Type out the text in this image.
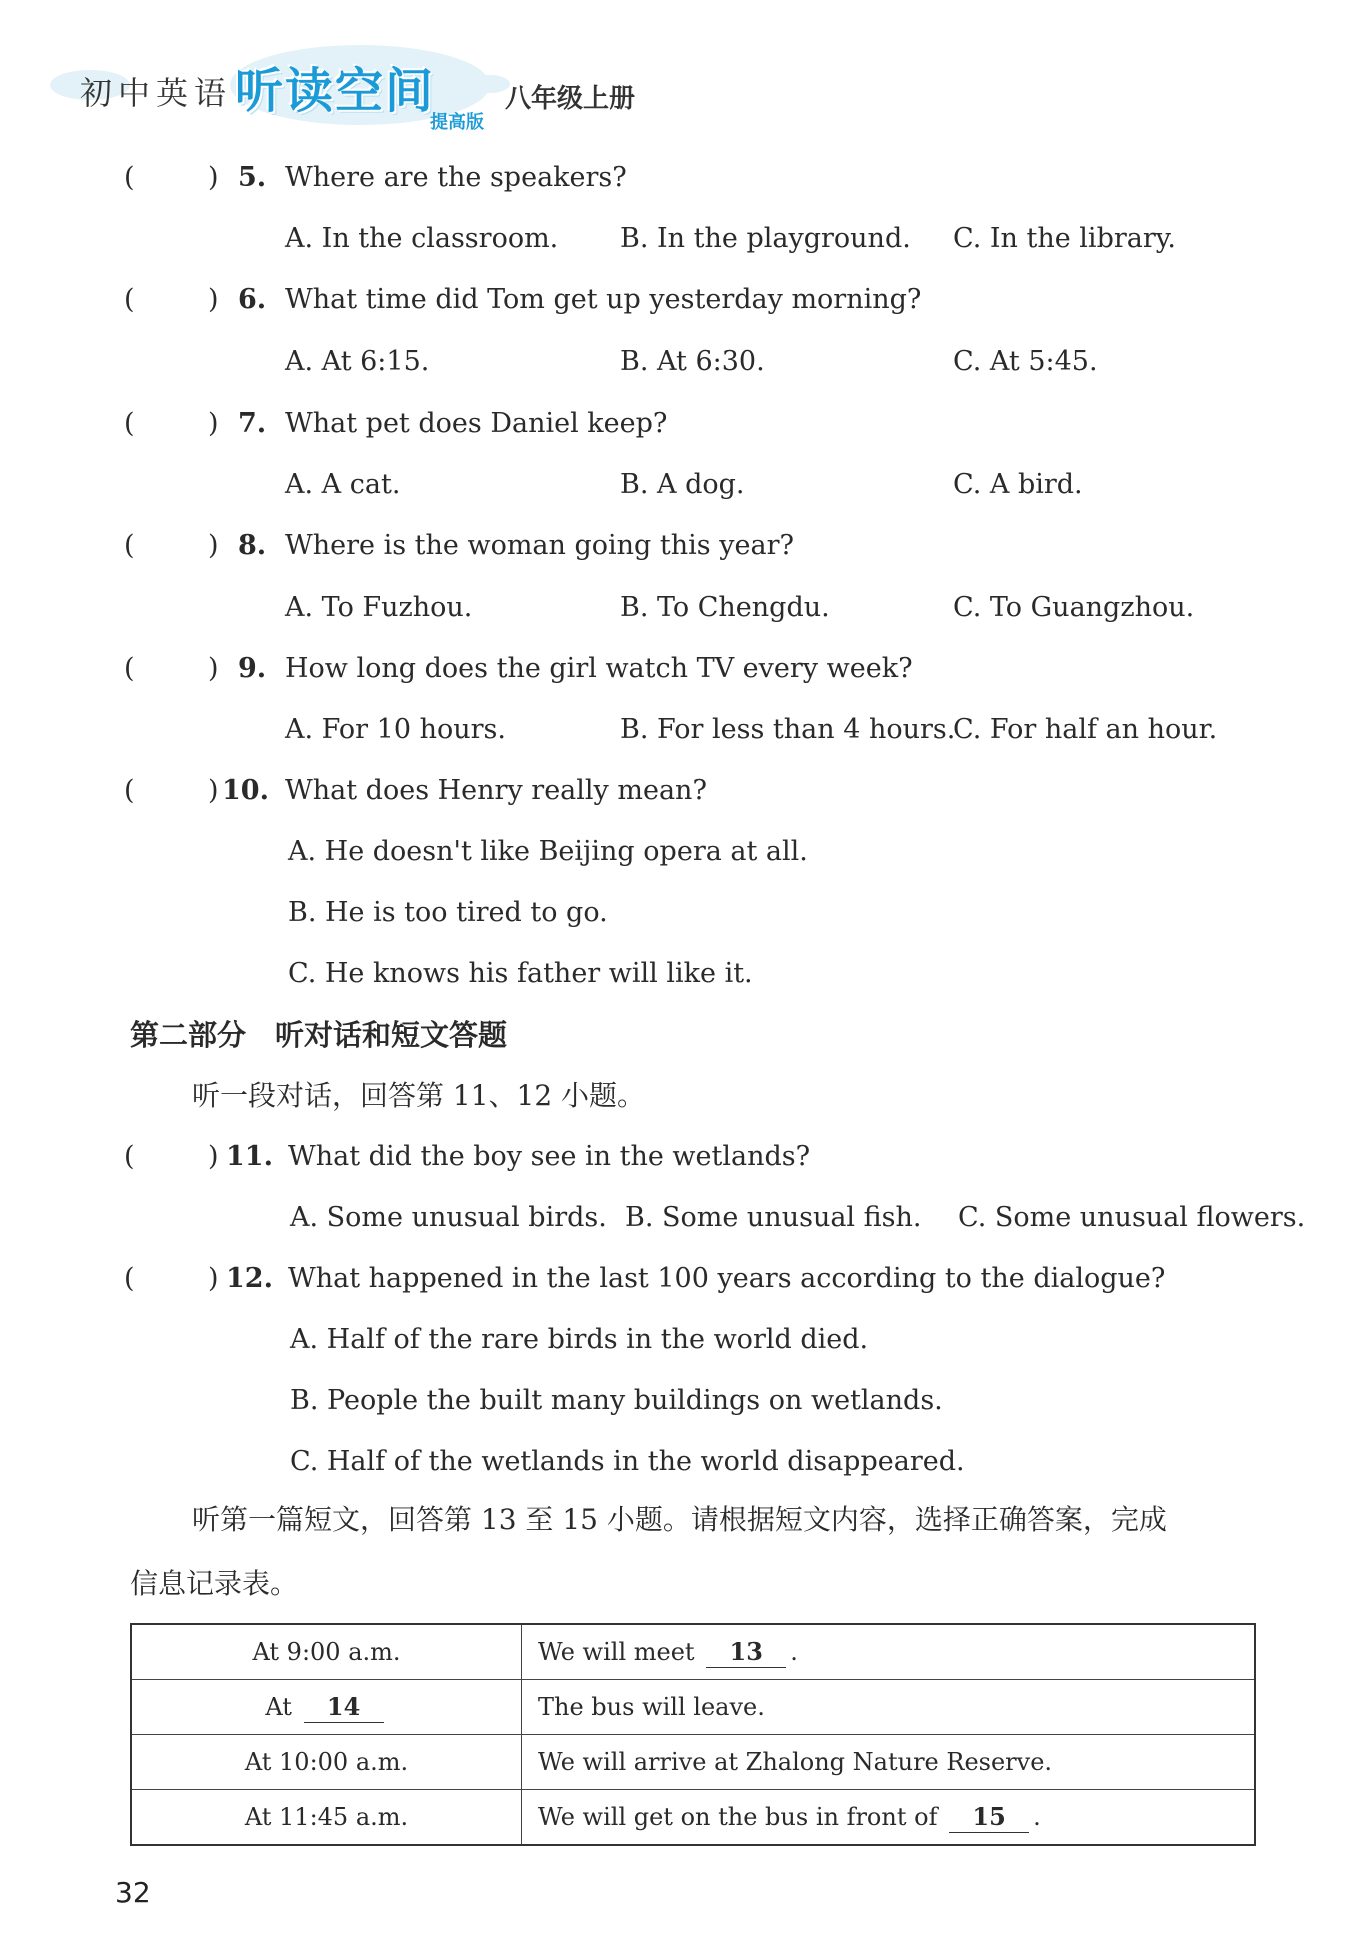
初中英语 听读空间
提高版
八年级上册
(	) 5. Where are the speakers?
A. In the classroom. B. In the playground. C. In the library.
(	) 6. What time did Tom get up yesterday morning?
A. At 6:15.	B. At 6:30.	C. At 5:45.
(	) 7. What pet does Daniel keep?
A. A cat.	B. A dog.	C. A bird.
(	) 8. Where is the woman going this year?
A. To Fuzhou.	B. To Chengdu.	C. To Guangzhou.
(	) 9. How long does the girl watch TV every week?
A. For 10 hours.	B. For less than 4 hours.
C. For half an hour.
(	) 10. What does Henry really mean?
A. He doesn't like Beijing opera at all.
B. He is too tired to go.
C. He knows his father will like it.
第二部分　听对话和短文答题
听一段对话，回答第 11、12 小题。
(	) 11. What did the boy see in the wetlands?
A. Some unusual birds. B. Some unusual fish. C. Some unusual flowers.
(	) 12. What happened in the last 100 years according to the dialogue?
A. Half of the rare birds in the world died.
B. People the built many buildings on wetlands.
C. Half of the wetlands in the world disappeared.
听第一篇短文，回答第 13 至 15 小题。请根据短文内容，选择正确答案，完成
信息记录表。
At 9:00 a.m.	We will meet 13 .
At 14	The bus will leave.
At 10:00 a.m.	We will arrive at Zhalong Nature Reserve.
At 11:45 a.m.	We will get on the bus in front of 15 .
32
